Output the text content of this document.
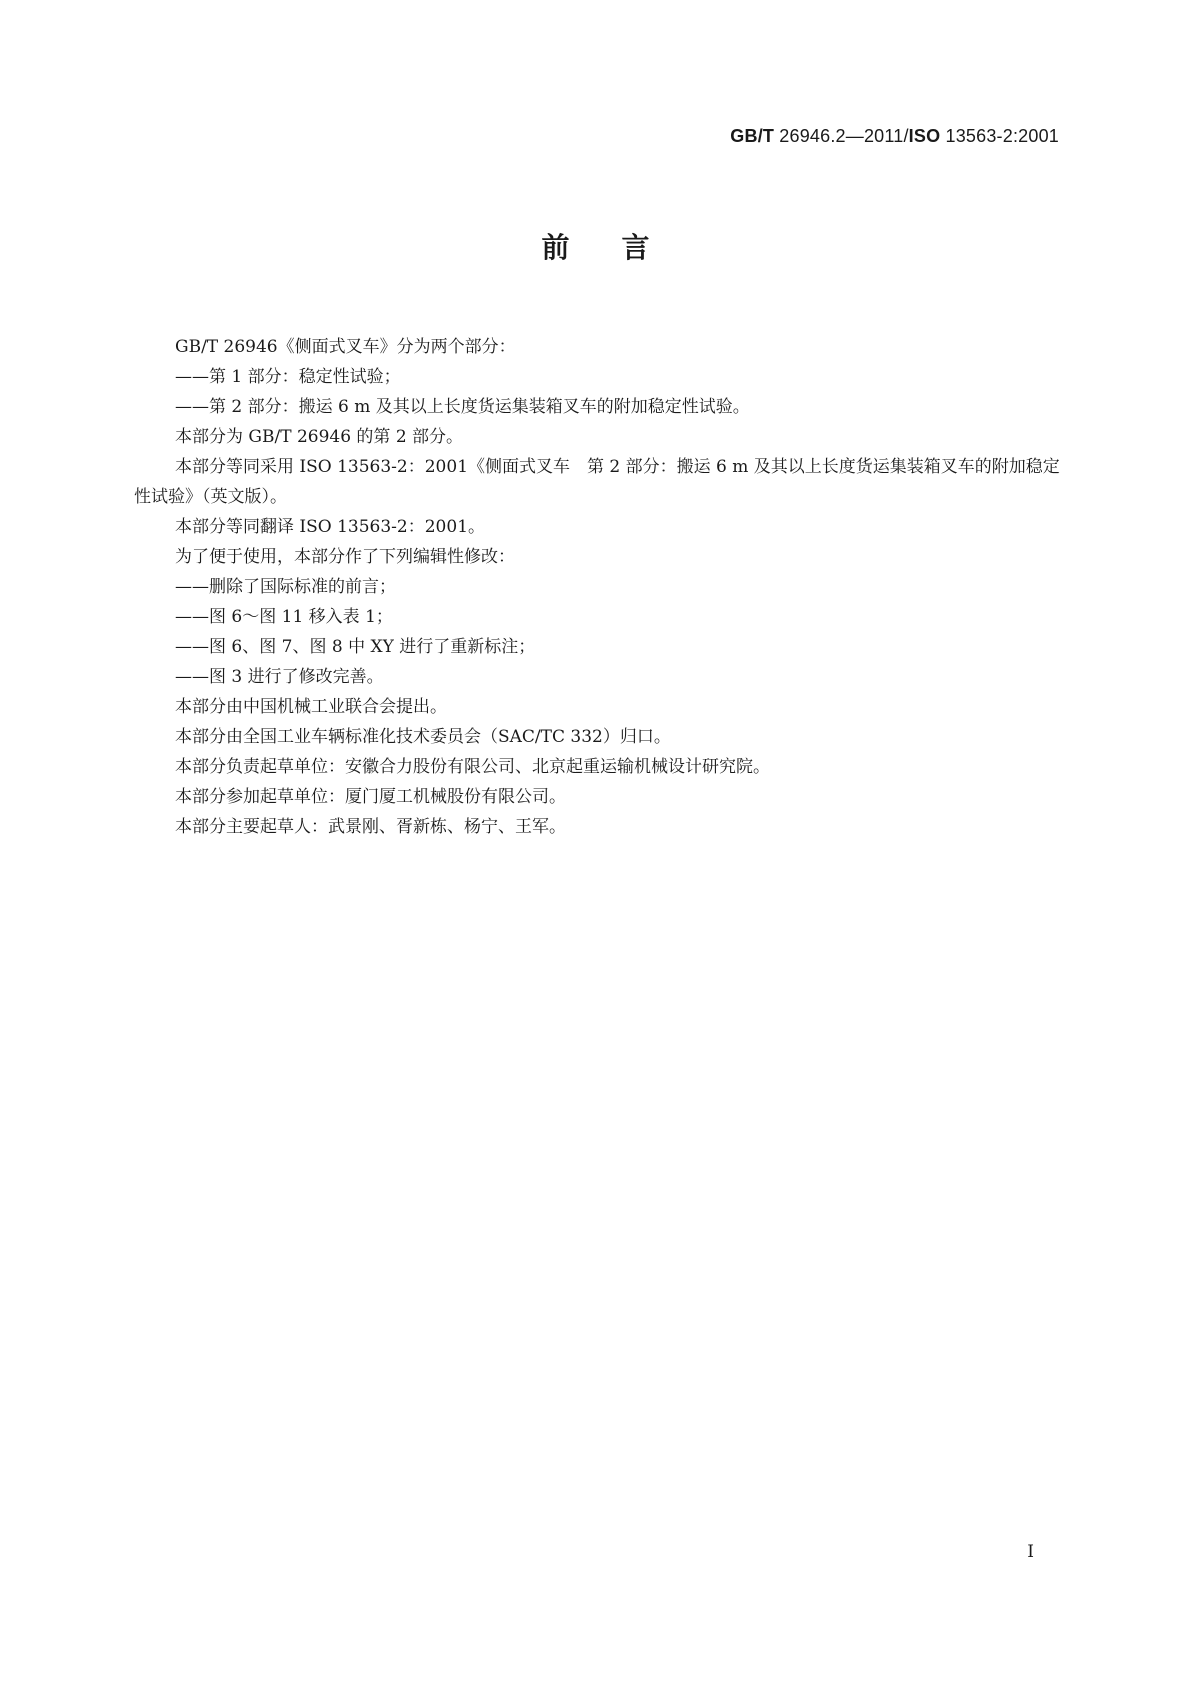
GB/T 26946.2—2011/ISO 13563-2:2001
前言

GB/T 26946《侧面式叉车》分为两个部分：

——第 1 部分：稳定性试验；

——第 2 部分：搬运 6 m 及其以上长度货运集装箱叉车的附加稳定性试验。

本部分为 GB/T 26946 的第 2 部分。

本部分等同采用 ISO 13563-2：2001《侧面式叉车　第 2 部分：搬运 6 m 及其以上长度货运集装箱叉车的附加稳定性试验》（英文版）。

本部分等同翻译 ISO 13563-2：2001。

为了便于使用，本部分作了下列编辑性修改：

——删除了国际标准的前言；

——图 6～图 11 移入表 1；

——图 6、图 7、图 8 中 XY 进行了重新标注；

——图 3 进行了修改完善。

本部分由中国机械工业联合会提出。

本部分由全国工业车辆标准化技术委员会（SAC/TC 332）归口。

本部分负责起草单位：安徽合力股份有限公司、北京起重运输机械设计研究院。

本部分参加起草单位：厦门厦工机械股份有限公司。

本部分主要起草人：武景刚、胥新栋、杨宁、王军。

I
